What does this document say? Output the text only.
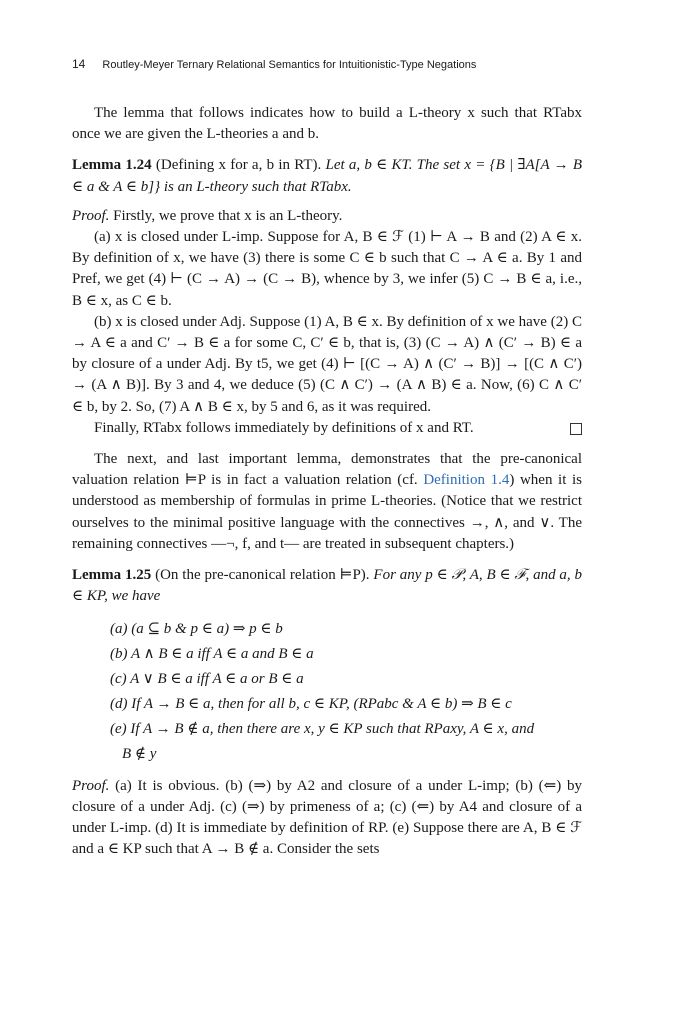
14 Routley-Meyer Ternary Relational Semantics for Intuitionistic-Type Negations

The lemma that follows indicates how to build a L-theory x such that RTabx once we are given the L-theories a and b.

Lemma 1.24 (Defining x for a, b in RT). Let a, b ∈ KT. The set x = {B | ∃A[A → B ∈ a & A ∈ b]} is an L-theory such that RTabx.

Proof. Firstly, we prove that x is an L-theory.

(a) x is closed under L-imp. Suppose for A, B ∈ ℱ (1) ⊢ A → B and (2) A ∈ x. By definition of x, we have (3) there is some C ∈ b such that C → A ∈ a. By 1 and Pref, we get (4) ⊢ (C → A) → (C → B), whence by 3, we infer (5) C → B ∈ a, i.e., B ∈ x, as C ∈ b.

(b) x is closed under Adj. Suppose (1) A, B ∈ x. By definition of x we have (2) C → A ∈ a and C′ → B ∈ a for some C, C′ ∈ b, that is, (3) (C → A) ∧ (C′ → B) ∈ a by closure of a under Adj. By t5, we get (4) ⊢ [(C → A) ∧ (C′ → B)] → [(C ∧ C′) → (A ∧ B)]. By 3 and 4, we deduce (5) (C ∧ C′) → (A ∧ B) ∈ a. Now, (6) C ∧ C′ ∈ b, by 2. So, (7) A ∧ B ∈ x, by 5 and 6, as it was required.

Finally, RTabx follows immediately by definitions of x and RT.

The next, and last important lemma, demonstrates that the pre-canonical valuation relation ⊨P is in fact a valuation relation (cf. Definition 1.4) when it is understood as membership of formulas in prime L-theories. (Notice that we restrict ourselves to the minimal positive language with the connectives →, ∧, and ∨. The remaining connectives —¬, f, and t— are treated in subsequent chapters.)

Lemma 1.25 (On the pre-canonical relation ⊨P). For any p ∈ 𝒫, A, B ∈ ℱ, and a, b ∈ KP, we have

(a) (a ⊆ b & p ∈ a) ⇒ p ∈ b
(b) A ∧ B ∈ a iff A ∈ a and B ∈ a
(c) A ∨ B ∈ a iff A ∈ a or B ∈ a
(d) If A → B ∈ a, then for all b, c ∈ KP, (RPabc & A ∈ b) ⇒ B ∈ c
(e) If A → B ∉ a, then there are x, y ∈ KP such that RPaxy, A ∈ x, and
B ∉ y

Proof. (a) It is obvious. (b) (⇒) by A2 and closure of a under L-imp; (b) (⇐) by closure of a under Adj. (c) (⇒) by primeness of a; (c) (⇐) by A4 and closure of a under L-imp. (d) It is immediate by definition of RP. (e) Suppose there are A, B ∈ ℱ and a ∈ KP such that A → B ∉ a. Consider the sets
